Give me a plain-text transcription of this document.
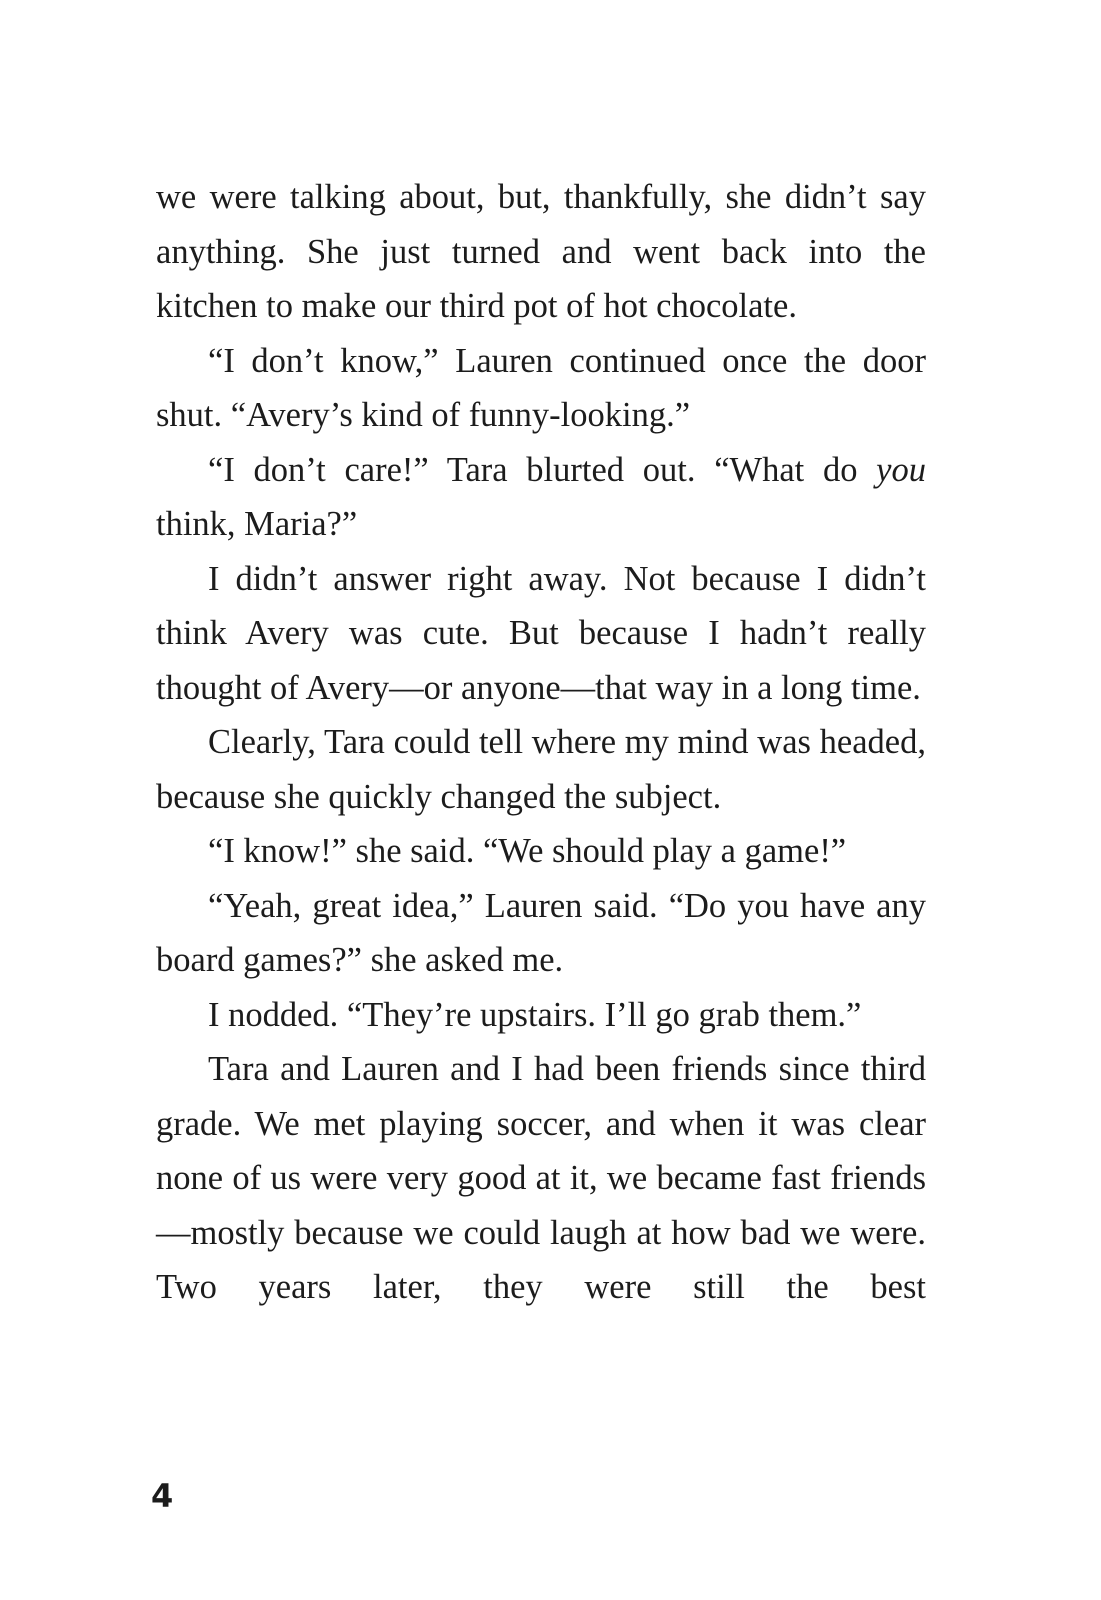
we were talking about, but, thankfully, she didn’t say anything. She just turned and went back into the kitchen to make our third pot of hot chocolate.

“I don’t know,” Lauren continued once the door shut. “Avery’s kind of funny-looking.”

“I don’t care!” Tara blurted out. “What do you think, Maria?”

I didn’t answer right away. Not because I didn’t think Avery was cute. But because I hadn’t really thought of Avery—or anyone—that way in a long time.

Clearly, Tara could tell where my mind was headed, because she quickly changed the subject.

“I know!” she said. “We should play a game!”

“Yeah, great idea,” Lauren said. “Do you have any board games?” she asked me.

I nodded. “They’re upstairs. I’ll go grab them.”

Tara and Lauren and I had been friends since third grade. We met playing soccer, and when it was clear none of us were very good at it, we became fast friends—mostly because we could laugh at how bad we were. Two years later, they were still the best

4
